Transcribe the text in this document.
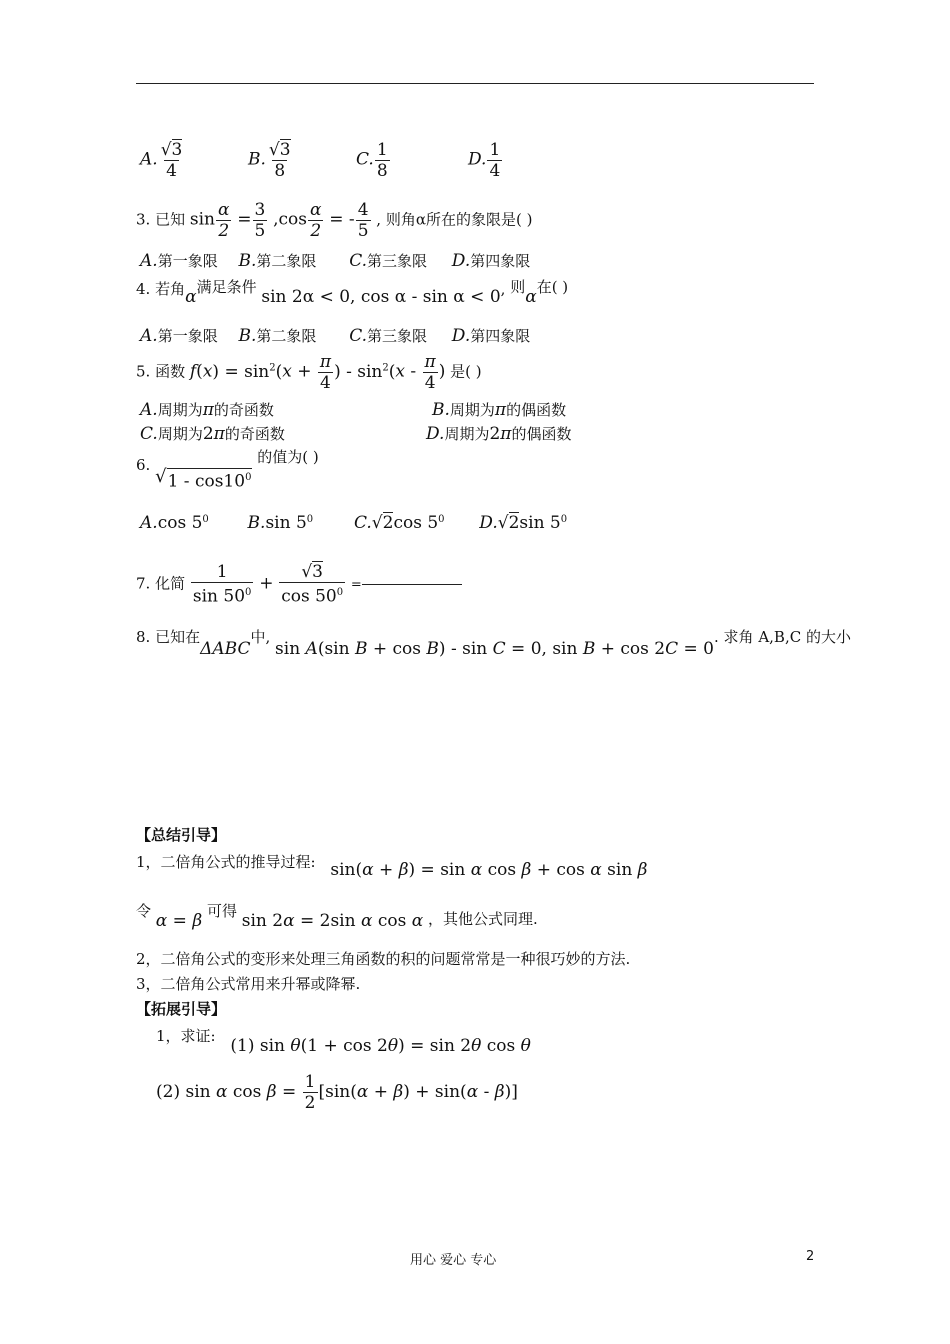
A. $\frac{√3}{4}$	B. $\frac{√3}{8}$	C. $\frac{1}{8}$	D. $\frac{1}{4}$
3. 已知 $\sin \frac{\alpha}{2} = \frac{3}{5} ,\cos \frac{\alpha}{2}$ = - $\frac{4}{5}$ , 则角α所在的象限是( )
A.第一象限 B.第二象限 C.第三象限 D.第四象限
4. 若角α满足条件 sin 2α < 0, cos α - sin α < 0, 则α在( )
A.第一象限 B.第二象限 C.第三象限 D.第四象限
5. 函数 $f(x) = \sin^2(x + \frac{\pi}{4}$ ) - $\sin^2(x - \frac{\pi}{4}$ ) 是( )
A.周期为π的奇函数	B.周期为π的偶函数
C.周期为2π的奇函数	D.周期为2π的偶函数
6.
√ $1 - \cos 10^0$
的值为( )
A.cos $5^0$ B.sin $5^0$ C.√2cos $5^0$ D.√2sin $5^0$
7. 化简 $\frac{1}{\sin 50^0} + \frac{√3}{\cos 50^0}$ =
8. 已知在ΔABC中, sin A(sin B + cos B) - sin C = 0, sin B + cos 2C = 0. 求角 A,B,C 的大小
【总结引导】
1，二倍角公式的推导过程: sin(α + β) = sin α cos β + cos α sin β
令 α = β 可得 sin 2α = 2sin α cos α ，其他公式同理.
2，二倍角公式的变形来处理三角函数的积的问题常常是一种很巧妙的方法.
3，二倍角公式常用来升幂或降幂.
【拓展引导】
1，求证: (1) sin θ(1 + cos 2θ) = sin 2θ cos θ
(2) sin α $\cos \beta = \frac{1}{2} [\sin(\alpha + \beta) + \sin(\alpha - \beta)]$
用心 爱心 专心	2
